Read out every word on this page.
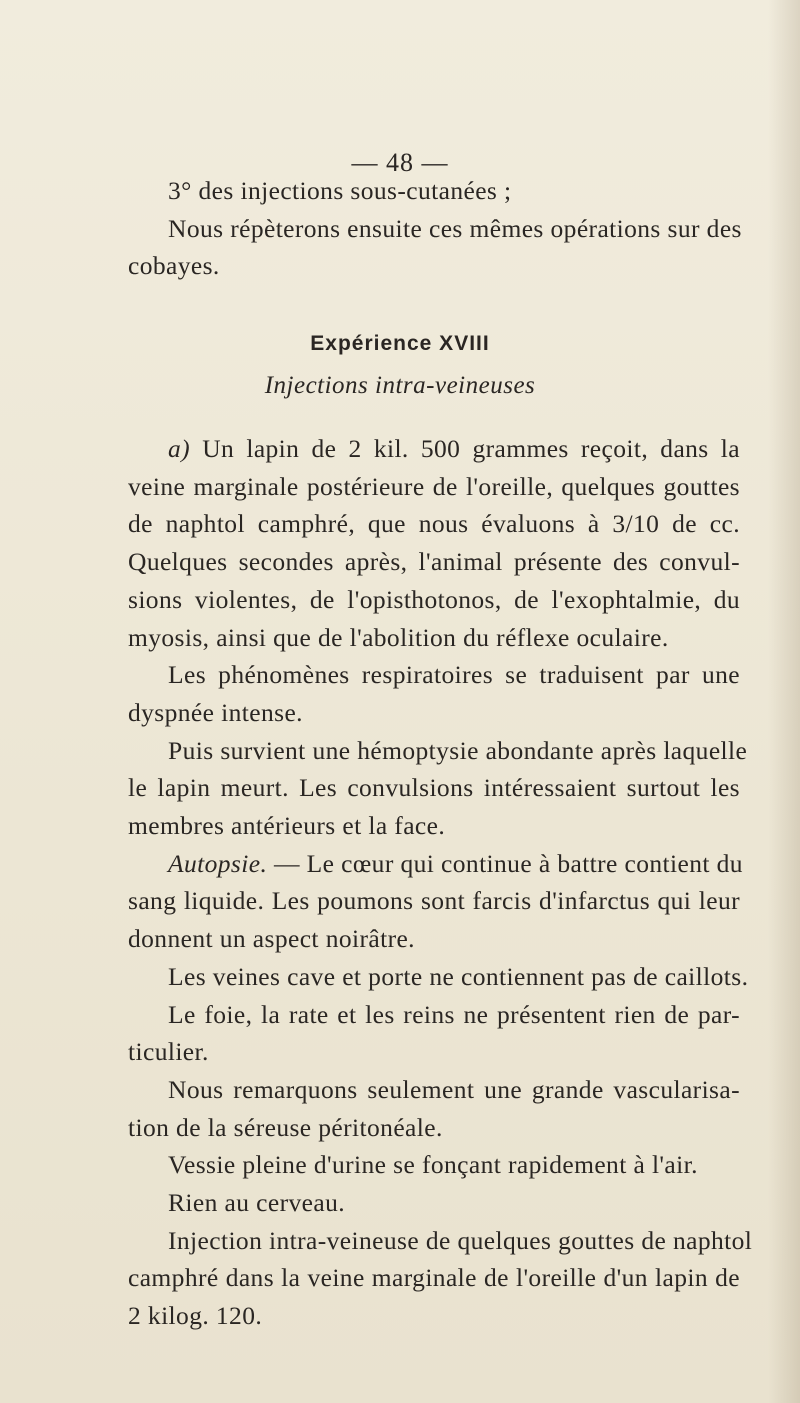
— 48 —
3° des injections sous-cutanées ;
Nous répèterons ensuite ces mêmes opérations sur des
cobayes.
Expérience XVIII
Injections intra-veineuses
a) Un lapin de 2 kil. 500 grammes reçoit, dans la
veine marginale postérieure de l'oreille, quelques gouttes
de naphtol camphré, que nous évaluons à 3/10 de cc.
Quelques secondes après, l'animal présente des convul-
sions violentes, de l'opisthotonos, de l'exophtalmie, du
myosis, ainsi que de l'abolition du réflexe oculaire.
Les phénomènes respiratoires se traduisent par une
dyspnée intense.
Puis survient une hémoptysie abondante après laquelle
le lapin meurt. Les convulsions intéressaient surtout les
membres antérieurs et la face.
Autopsie. — Le cœur qui continue à battre contient du
sang liquide. Les poumons sont farcis d'infarctus qui leur
donnent un aspect noirâtre.
Les veines cave et porte ne contiennent pas de caillots.
Le foie, la rate et les reins ne présentent rien de par-
ticulier.
Nous remarquons seulement une grande vascularisa-
tion de la séreuse péritonéale.
Vessie pleine d'urine se fonçant rapidement à l'air.
Rien au cerveau.
Injection intra-veineuse de quelques gouttes de naphtol
camphré dans la veine marginale de l'oreille d'un lapin de
2 kilog. 120.
